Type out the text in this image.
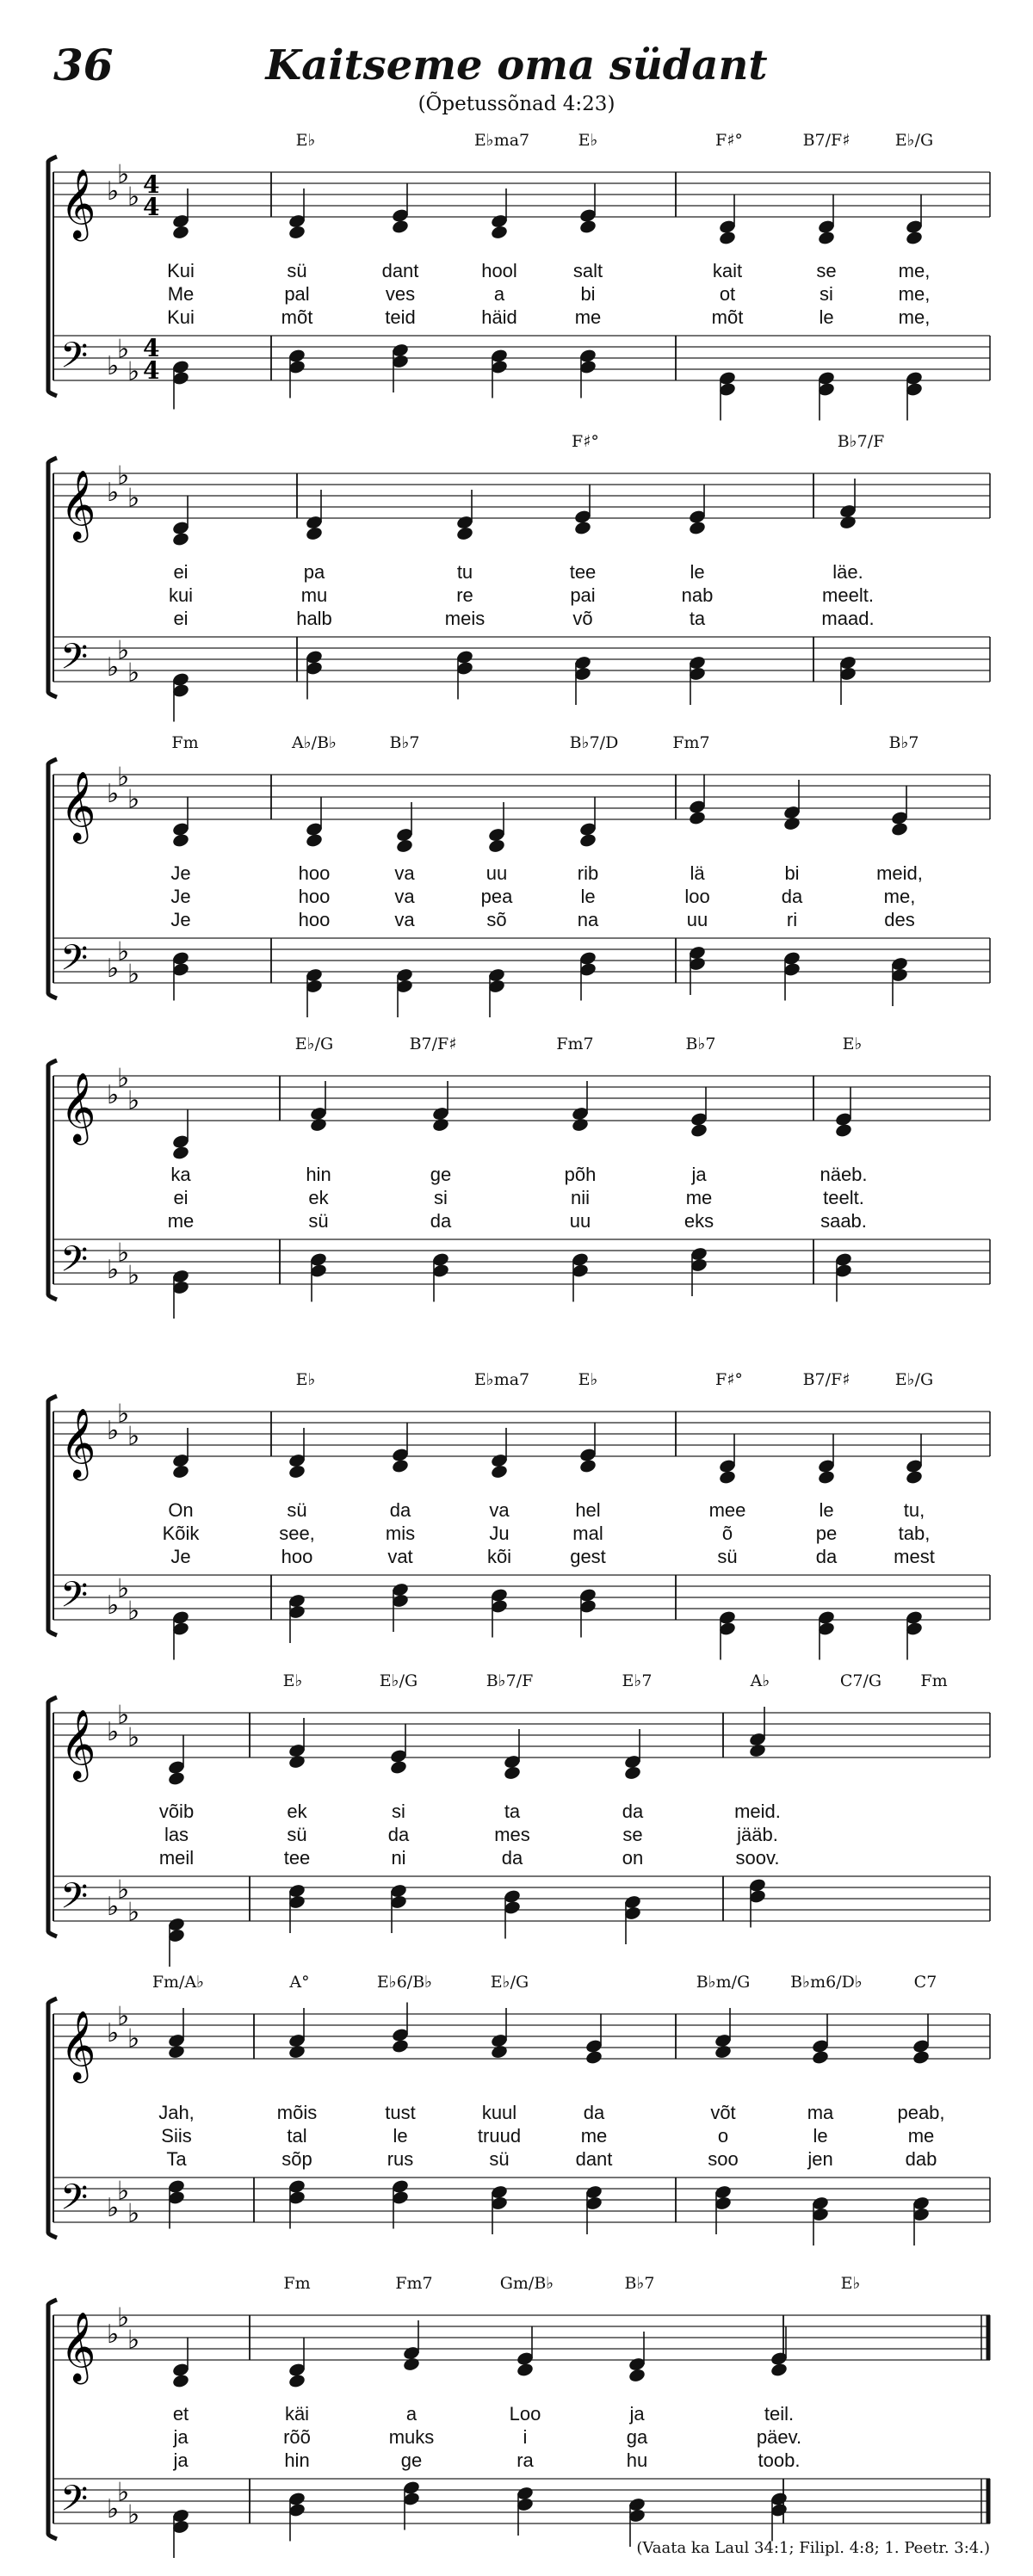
36	Kaitseme oma südant
(Õpetussõnad 4:23)
𝄞
𝄢
♭
♭
♭
♭
♭
♭
4
4
4
4
E♭	E♭ma7	E♭	F♯°	B7/F♯	E♭/G
Kui	sü	dant	hool	salt	kait	se	me,
Me	pal	ves	a	bi	ot	si	me,
Kui	mõt	teid	häid	me	mõt	le	me,
𝄞
𝄢
♭
♭
♭
♭
♭
♭
F♯°	B♭7/F
ei	pa	tu	tee	le	läe.
kui	mu	re	pai	nab	meelt.
ei	halb	meis	võ	ta	maad.
𝄞
𝄢
♭
♭
♭
♭
♭
♭
Fm	A♭/B♭	B♭7	B♭7/D	Fm7	B♭7
Je	hoo	va	uu	rib	lä	bi	meid,
Je	hoo	va	pea	le	loo	da	me,
Je	hoo	va	sõ	na	uu	ri	des
𝄞
𝄢
♭
♭
♭
♭
♭
♭
E♭/G	B7/F♯	Fm7	B♭7	E♭
ka	hin	ge	põh	ja	näeb.
ei	ek	si	nii	me	teelt.
me	sü	da	uu	eks	saab.
𝄞
𝄢
♭
♭
♭
♭
♭
♭
E♭	E♭ma7	E♭	F♯°	B7/F♯	E♭/G
On	sü	da	va	hel	mee	le	tu,
Kõik	see,	mis	Ju	mal	õ	pe	tab,
Je	hoo	vat	kõi	gest	sü	da	mest
𝄞
𝄢
♭
♭
♭
♭
♭
♭
E♭	E♭/G	B♭7/F	E♭7	A♭	C7/G Fm
võib	ek	si	ta	da	meid.
las	sü	da	mes	se	jääb.
meil	tee	ni	da	on	soov.
𝄞
𝄢
♭
♭
♭
♭
♭
♭
Fm/A♭	A°	E♭6/B♭	E♭/G	B♭m/G B♭m6/D♭	C7
Jah,	mõis	tust	kuul	da	võt	ma	peab,
Siis	tal	le	truud	me	o	le	me
Ta	sõp	rus	sü	dant	soo	jen	dab
𝄞
𝄢
♭
♭
♭
♭
♭
♭
Fm	Fm7	Gm/B♭	B♭7	E♭
et	käi	a	Loo	ja	teil.
ja	rõõ	muks	i	ga	päev.
ja	hin	ge	ra	hu	toob.
(Vaata ka Laul 34:1; Filipl. 4:8; 1. Peetr. 3:4.)
